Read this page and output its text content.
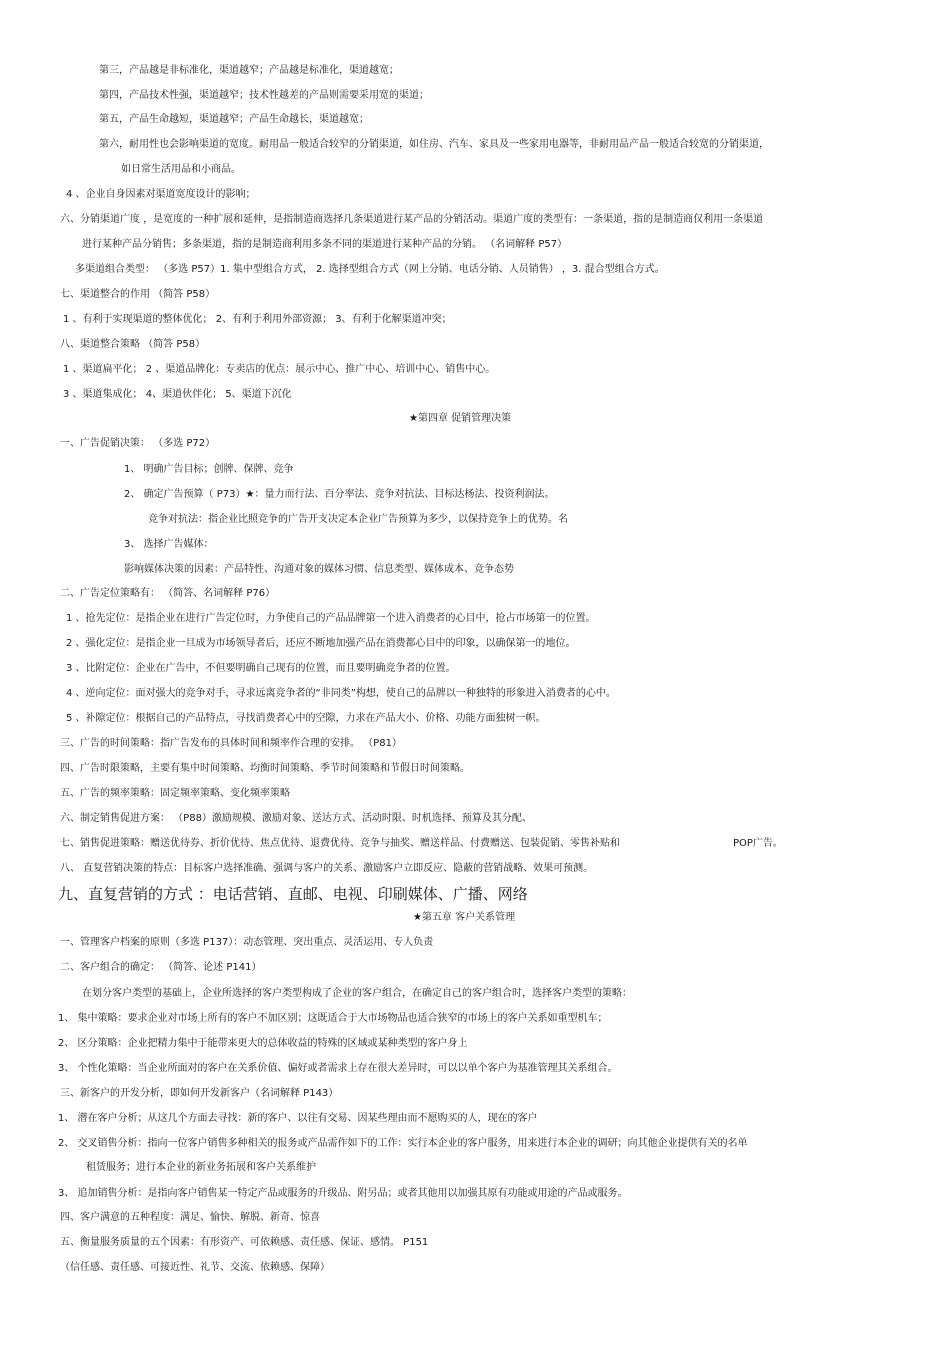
第三，产品越是非标准化，渠道越窄；产品越是标准化，渠道越宽；
第四，产品技术性强，渠道越窄；技术性越差的产品则需要采用宽的渠道；
第五，产品生命越短，渠道越窄；产品生命越长，渠道越宽；
第六，耐用性也会影响渠道的宽度。耐用品一般适合较窄的分销渠道，如住房、汽车、家具及一些家用电器等，非耐用品产品一般适合较宽的分销渠道，
如日常生活用品和小商品。
4 、企业自身因素对渠道宽度设计的影响；
六、分销渠道广度 ，是宽度的一种扩展和延伸，是指制造商选择几条渠道进行某产品的分销活动。渠道广度的类型有：一条渠道，指的是制造商仅利用一条渠道
进行某种产品分销售；多条渠道，指的是制造商利用多条不同的渠道进行某种产品的分销。 （名词解释 P57）
多渠道组合类型： （多选 P57）1. 集中型组合方式， 2. 选择型组合方式（网上分销、电话分销、人员销售） ，3. 混合型组合方式。
七、渠道整合的作用 （简答 P58）
1 、有利于实现渠道的整体优化； 2、有利于利用外部资源； 3、有利于化解渠道冲突；
八、渠道整合策略 （简答 P58）
1 、渠道扁平化； 2 、渠道品牌化：专卖店的优点：展示中心、推广中心、培训中心、销售中心。
3 、渠道集成化； 4、渠道伙伴化； 5、渠道下沉化
★第四章 促销管理决策
一、广告促销决策： （多选 P72）
1、 明确广告目标；创牌、保牌、竞争
2、 确定广告预算（ P73）★：量力而行法、百分率法、竞争对抗法、目标达杨法、投资利润法。
竞争对抗法：指企业比照竞争的广告开支决定本企业广告预算为多少，以保持竞争上的优势。名
3、 选择广告媒体：
影响媒体决策的因素：产品特性、沟通对象的媒体习惯、信息类型、媒体成本、竞争态势
二、广告定位策略有： （简答、名词解释 P76）
1 、抢先定位：是指企业在进行广告定位时，力争使自己的产品品牌第一个进入消费者的心目中，抢占市场第一的位置。
2 、强化定位：是指企业一旦成为市场领导者后，还应不断地加强产品在消费都心目中的印象，以确保第一的地位。
3 、比附定位：企业在广告中，不但要明确自己现有的位置，而且要明确竞争者的位置。
4 、逆向定位：面对强大的竞争对手，寻求远离竞争者的“非同类”构想，使自己的品牌以一种独特的形象进入消费者的心中。
5 、补隙定位：根据自己的产品特点，寻找消费者心中的空隙，力求在产品大小、价格、功能方面独树一帜。
三、广告的时间策略：指广告发布的具体时间和频率作合理的安排。 （P81）
四、广告时限策略，主要有集中时间策略、均衡时间策略、季节时间策略和节假日时间策略。
五、广告的频率策略：固定频率策略、变化频率策略
六、制定销售促进方案： （P88）激励规模、激励对象、送达方式、活动时限、时机选择、预算及其分配、
七、销售促进策略：赠送优待券、折价优待、焦点优待、退费优待、竞争与抽奖、赠送样品、付费赠送、包装促销、零售补贴和	POP广告。
八、 直复营销决策的特点：目标客户选择准确、强调与客户的关系、激励客户立即反应、隐蔽的营销战略、效果可预测。
九、直复营销的方式 ：电话营销、直邮、电视、印刷媒体、广播、网络
★第五章 客户关系管理
一、管理客户档案的原则（多选 P137）：动态管理、突出重点、灵活运用、专人负责
二、客户组合的确定： （简答、论述 P141）
在划分客户类型的基础上，企业所选择的客户类型构成了企业的客户组合，在确定自己的客户组合时，选择客户类型的策略：
1、 集中策略：要求企业对市场上所有的客户不加区别；这既适合于大市场物品也适合狭窄的市场上的客户关系如重型机车；
2、 区分策略：企业把精力集中于能带来更大的总体收益的特殊的区域或某种类型的客户身上
3、 个性化策略：当企业所面对的客户在关系价值、偏好或者需求上存在很大差异时，可以以单个客户为基准管理其关系组合。
三、新客户的开发分析，即如何开发新客户（名词解释 P143）
1、 潜在客户分析；从这几个方面去寻找：新的客户、以往有交易、因某些理由而不愿购买的人，现在的客户
2、 交叉销售分析：指向一位客户销售多种相关的报务或产品需作如下的工作：实行本企业的客户服务，用来进行本企业的调研；向其他企业提供有关的名单
租赁服务；进行本企业的新业务拓展和客户关系维护
3、 追加销售分析：是指向客户销售某一特定产品或服务的升级品、附另品；或者其他用以加强其原有功能或用途的产品或服务。
四、客户满意的五种程度：满足、愉快、解脱、新奇、惊喜
五、衡量服务质量的五个因素：有形资产、可依赖感、责任感、保证、感情。 P151
（信任感、责任感、可接近性、礼节、交流、依赖感、保障）
